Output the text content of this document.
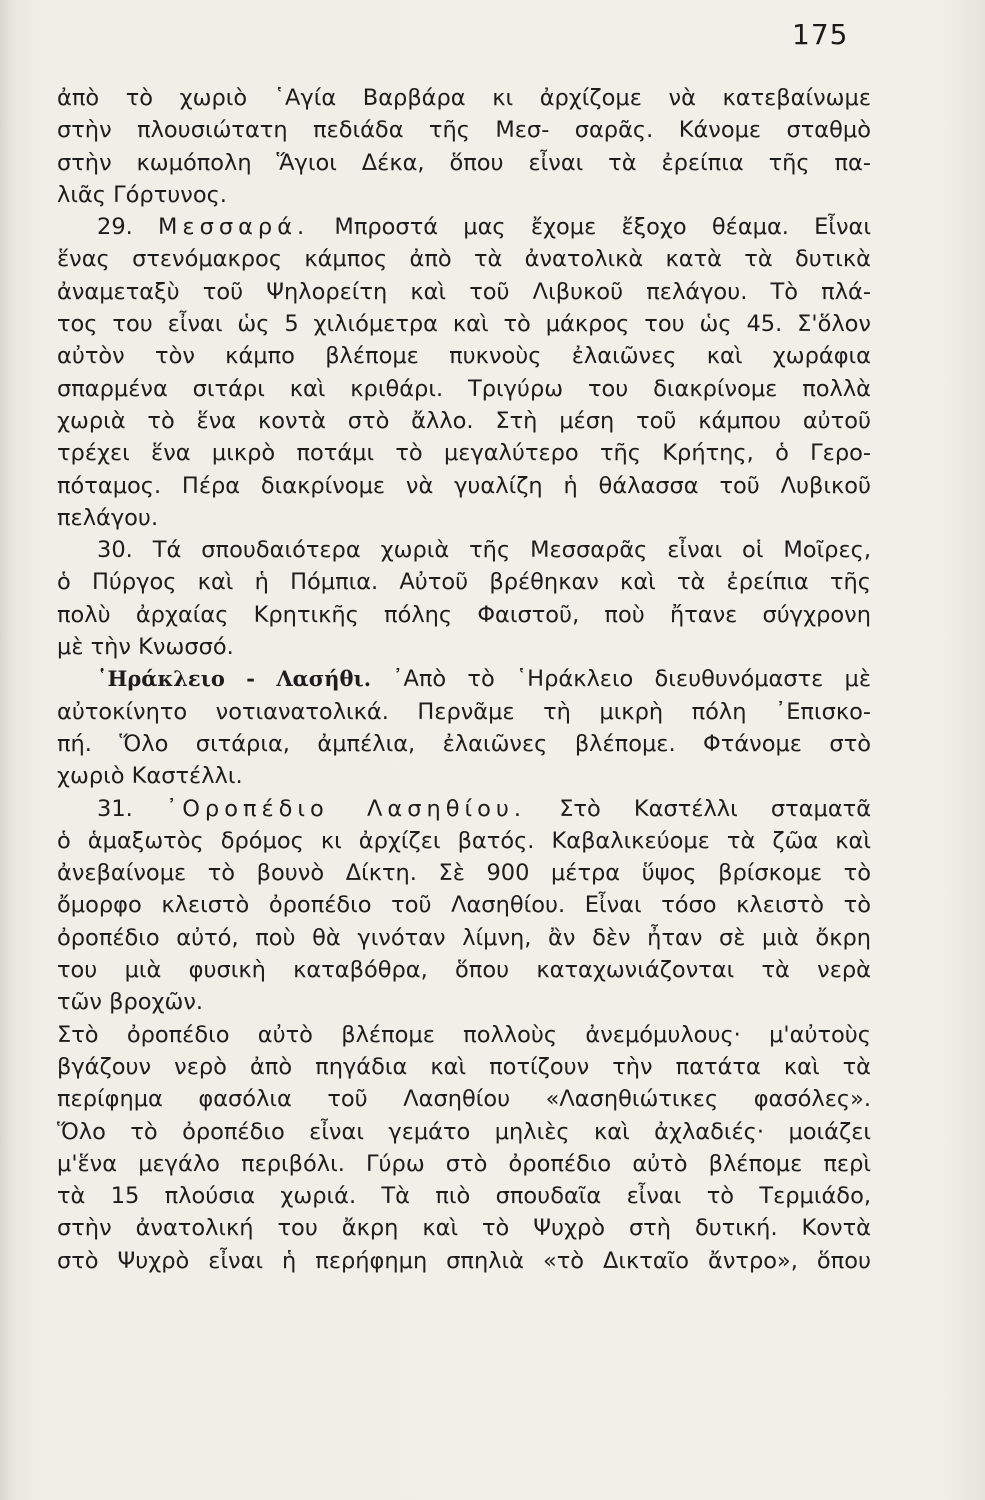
175
ἀπὸ τὸ χωριὸ ῾Αγία Βαρβάρα κι ἀρχίζομε νὰ κατεβαίνωμε
στὴν πλουσιώτατη πεδιάδα τῆς Μεσ- σαρᾶς. Κάνομε σταθμὸ
στὴν κωμόπολη Ἅγιοι Δέκα, ὅπου εἶναι τὰ ἐρείπια τῆς πα-
λιᾶς Γόρτυνος.
29. Μεσσαρά. Μπροστά μας ἔχομε ἔξοχο θέαμα. Εἶναι
ἕνας στενόμακρος κάμπος ἀπὸ τὰ ἀνατολικὰ κατὰ τὰ δυτικὰ
ἀναμεταξὺ τοῦ Ψηλορείτη καὶ τοῦ Λιβυκοῦ πελάγου. Τὸ πλά-
τος του εἶναι ὡς 5 χιλιόμετρα καὶ τὸ μάκρος του ὡς 45. Σ'ὅλον
αὐτὸν τὸν κάμπο βλέπομε πυκνοὺς ἐλαιῶνες καὶ χωράφια
σπαρμένα σιτάρι καὶ κριθάρι. Τριγύρω του διακρίνομε πολλὰ
χωριὰ τὸ ἕνα κοντὰ στὸ ἄλλο. Στὴ μέση τοῦ κάμπου αὐτοῦ
τρέχει ἕνα μικρὸ ποτάμι τὸ μεγαλύτερο τῆς Κρήτης, ὁ Γερο-
πόταμος. Πέρα διακρίνομε νὰ γυαλίζη ἡ θάλασσα τοῦ Λυβικοῦ
πελάγου.
30. Τά σπουδαιότερα χωριὰ τῆς Μεσσαρᾶς εἶναι οἱ Μοῖρες,
ὁ Πύργος καὶ ἡ Πόμπια. Αὐτοῦ βρέθηκαν καὶ τὰ ἐρείπια τῆς
πολὺ ἀρχαίας Κρητικῆς πόλης Φαιστοῦ, ποὺ ἤτανε σύγχρονη
μὲ τὴν Κνωσσό.
῾Ηράκλειο - Λασήθι. ᾿Απὸ τὸ ῾Ηράκλειο διευθυνόμαστε μὲ
αὐτοκίνητο νοτιανατολικά. Περνᾶμε τὴ μικρὴ πόλη ᾿Επισκο-
πή. Ὅλο σιτάρια, ἀμπέλια, ἐλαιῶνες βλέπομε. Φτάνομε στὸ
χωριὸ Καστέλλι.
31. ᾿Οροπέδιο Λασηθίου. Στὸ Καστέλλι σταματᾶ
ὁ ἁμαξωτὸς δρόμος κι ἀρχίζει βατός. Καβαλικεύομε τὰ ζῶα καὶ
ἀνεβαίνομε τὸ βουνὸ Δίκτη. Σὲ 900 μέτρα ὕψος βρίσκομε τὸ
ὄμορφο κλειστὸ ὀροπέδιο τοῦ Λασηθίου. Εἶναι τόσο κλειστὸ τὸ
ὀροπέδιο αὐτό, ποὺ θὰ γινόταν λίμνη, ἂν δὲν ἦταν σὲ μιὰ ὄκρη
του μιὰ φυσικὴ καταβόθρα, ὅπου καταχωνιάζονται τὰ νερὰ
τῶν βροχῶν.
Στὸ ὀροπέδιο αὐτὸ βλέπομε πολλοὺς ἀνεμόμυλους· μ'αὐτοὺς
βγάζουν νερὸ ἀπὸ πηγάδια καὶ ποτίζουν τὴν πατάτα καὶ τὰ
περίφημα φασόλια τοῦ Λασηθίου «Λασηθιώτικες φασόλες».
Ὅλο τὸ ὀροπέδιο εἶναι γεμάτο μηλιὲς καὶ ἀχλαδιές· μοιάζει
μ'ἕνα μεγάλο περιβόλι. Γύρω στὸ ὀροπέδιο αὐτὸ βλέπομε περὶ
τὰ 15 πλούσια χωριά. Τὰ πιὸ σπουδαῖα εἶναι τὸ Τερμιάδο,
στὴν ἀνατολική του ἄκρη καὶ τὸ Ψυχρὸ στὴ δυτική. Κοντὰ
στὸ Ψυχρὸ εἶναι ἡ περήφημη σπηλιὰ «τὸ Δικταῖο ἄντρο», ὅπου
